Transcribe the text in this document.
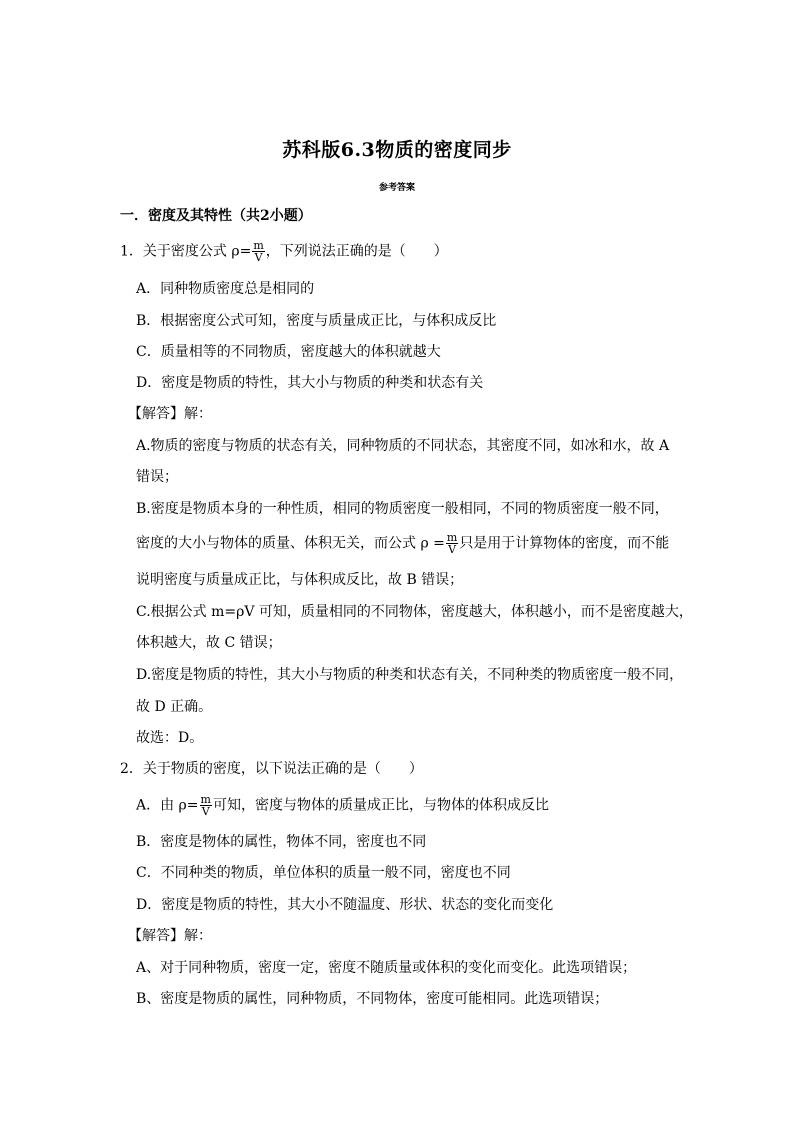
苏科版6.3物质的密度同步
参考答案
一．密度及其特性（共2小题）
1．关于密度公式 $\rho= \frac{m}{V}$ ，下列说法正确的是（　　）
A．同种物质密度总是相同的
B．根据密度公式可知，密度与质量成正比，与体积成反比
C．质量相等的不同物质，密度越大的体积就越大
D．密度是物质的特性，其大小与物质的种类和状态有关
【解答】解：
A.物质的密度与物质的状态有关，同种物质的不同状态，其密度不同，如冰和水，故 A
错误；
B.密度是物质本身的一种性质，相同的物质密度一般相同，不同的物质密度一般不同，
密度的大小与物体的质量、体积无关，而公式 $\rho = \frac{m}{V}$ 只是用于计算物体的密度，而不能
说明密度与质量成正比，与体积成反比，故 B 错误；
C.根据公式 m=ρV 可知，质量相同的不同物体，密度越大，体积越小，而不是密度越大，
体积越大，故 C 错误；
D.密度是物质的特性，其大小与物质的种类和状态有关，不同种类的物质密度一般不同，
故 D 正确。
故选：D。
2．关于物质的密度，以下说法正确的是（　　）
A．由 $\rho= \frac{m}{V}$ 可知，密度与物体的质量成正比，与物体的体积成反比
B．密度是物体的属性，物体不同，密度也不同
C．不同种类的物质，单位体积的质量一般不同，密度也不同
D．密度是物质的特性，其大小不随温度、形状、状态的变化而变化
【解答】解：
A、对于同种物质，密度一定，密度不随质量或体积的变化而变化。此选项错误；
B、密度是物质的属性，同种物质，不同物体，密度可能相同。此选项错误；
